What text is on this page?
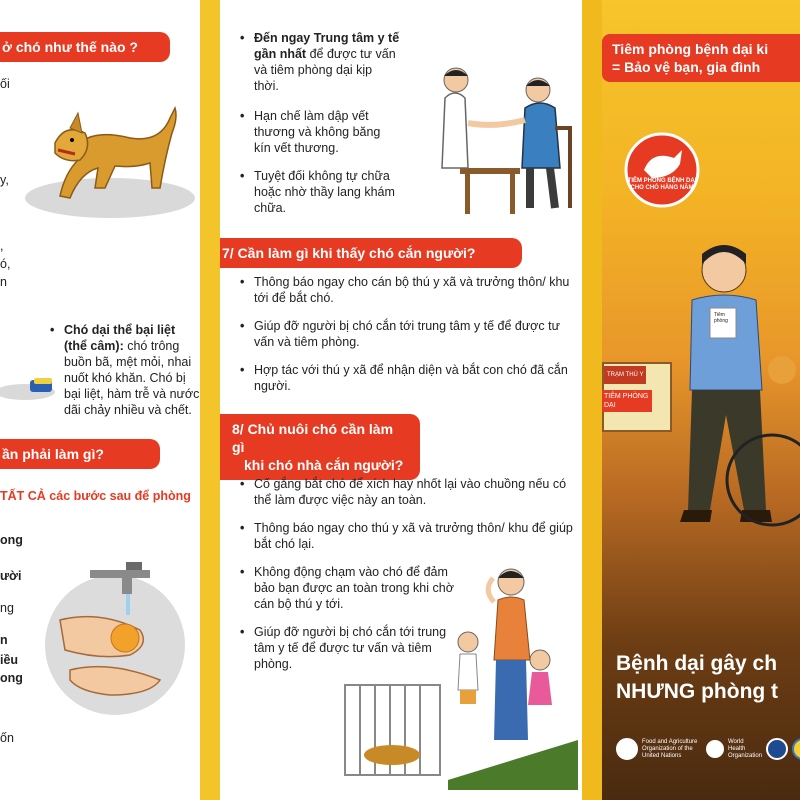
ở chó như thế nào ?
ối
y,
,
ó,
n
• Chó dại thể bại liệt (thể câm): chó trông buồn bã, mệt mỏi, nhai nuốt khó khăn. Chó bị bại liệt, hàm trễ và nước dãi chảy nhiều và chết.
ần phải làm gì?
TẤT CẢ các bước sau để phòng
ong
ười
ng
n
iều
ong
ốn
• Đến ngay Trung tâm y tế gần nhất để được tư vấn và tiêm phòng dại kịp thời.
• Hạn chế làm dập vết thương và không băng kín vết thương.
• Tuyệt đối không tự chữa hoặc nhờ thầy lang khám chữa.
7/ Cần làm gì khi thấy chó cắn người?
• Thông báo ngay cho cán bộ thú y xã và trưởng thôn/ khu tới để bắt chó.
• Giúp đỡ người bị chó cắn tới trung tâm y tế để được tư vấn và tiêm phòng.
• Hợp tác với thú y xã để nhận diện và bắt con chó đã cắn người.
8/ Chủ nuôi chó cần làm gì
khi chó nhà cắn người?
• Cố gắng bắt chó để xích hay nhốt lại vào chuồng nếu có thể làm được việc này an toàn.
• Thông báo ngay cho thú y xã và trưởng thôn/ khu để giúp bắt chó lại.
• Không động chạm vào chó để đảm bảo bạn được an toàn trong khi chờ cán bộ thú y tới.
• Giúp đỡ người bị chó cắn tới trung tâm y tế để được tư vấn và tiêm phòng.
Tiêm phòng bệnh dại ki
= Bảo vệ bạn, gia đình
TIÊM PHÒNG BỆNH DẠI CHO CHÓ HÀNG NĂM
TRẠM THÚ Y
TIÊM PHÒNG DẠI
Tiêm phòng
Bệnh dại gây ch
NHƯNG phòng t
Food and Agriculture Organization of the United Nations
World Health Organization
